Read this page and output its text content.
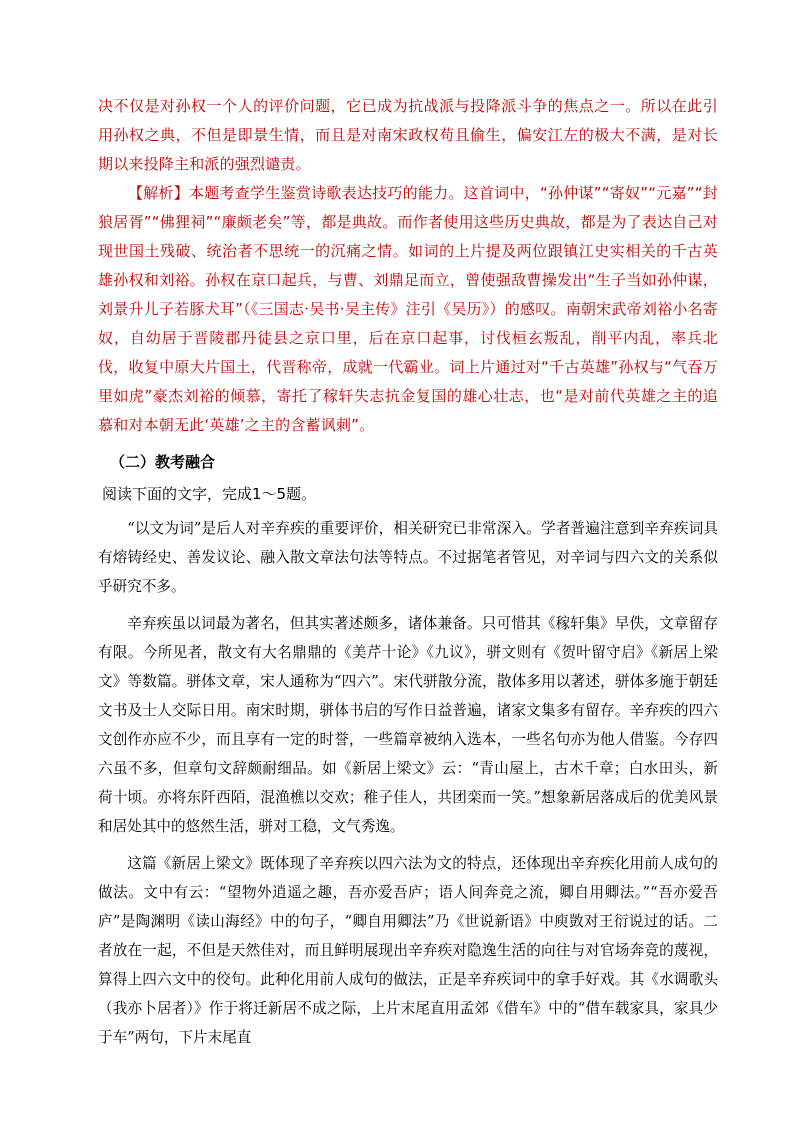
决不仅是对孙权一个人的评价问题，它已成为抗战派与投降派斗争的焦点之一。所以在此引用孙权之典，不但是即景生情，而且是对南宋政权苟且偷生，偏安江左的极大不满，是对长期以来投降主和派的强烈谴责。

【解析】本题考查学生鉴赏诗歌表达技巧的能力。这首词中，“孙仲谋”“寄奴”“元嘉”“封狼居胥”“佛狸祠”“廉颇老矣”等，都是典故。而作者使用这些历史典故，都是为了表达自己对现世国土残破、统治者不思统一的沉痛之情。如词的上片提及两位跟镇江史实相关的千古英雄孙权和刘裕。孙权在京口起兵，与曹、刘鼎足而立，曾使强敌曹操发出“生子当如孙仲谋，刘景升儿子若豚犬耳”（《三国志·吴书·吴主传》注引《吴历》）的感叹。南朝宋武帝刘裕小名寄奴，自幼居于晋陵郡丹徒县之京口里，后在京口起事，讨伐桓玄叛乱，削平内乱，率兵北伐，收复中原大片国土，代晋称帝，成就一代霸业。词上片通过对“千古英雄”孙权与“气吞万里如虎”豪杰刘裕的倾慕，寄托了稼轩失志抗金复国的雄心壮志，也“是对前代英雄之主的追慕和对本朝无此‘英雄’之主的含蓄讽刺”。

（二）教考融合
阅读下面的文字，完成1～5题。

“以文为词”是后人对辛弃疾的重要评价，相关研究已非常深入。学者普遍注意到辛弃疾词具有熔铸经史、善发议论、融入散文章法句法等特点。不过据笔者管见，对辛词与四六文的关系似乎研究不多。

辛弃疾虽以词最为著名，但其实著述颇多，诸体兼备。只可惜其《稼轩集》早佚，文章留存有限。今所见者，散文有大名鼎鼎的《美芹十论》《九议》，骈文则有《贺叶留守启》《新居上梁文》等数篇。骈体文章，宋人通称为“四六”。宋代骈散分流，散体多用以著述，骈体多施于朝廷文书及士人交际日用。南宋时期，骈体书启的写作日益普遍，诸家文集多有留存。辛弃疾的四六文创作亦应不少，而且享有一定的时誉，一些篇章被纳入选本，一些名句亦为他人借鉴。今存四六虽不多，但章句文辞颇耐细品。如《新居上梁文》云：“青山屋上，古木千章；白水田头，新荷十顷。亦将东阡西陌，混渔樵以交欢；稚子佳人，共团栾而一笑。”想象新居落成后的优美风景和居处其中的悠然生活，骈对工稳，文气秀逸。

这篇《新居上梁文》既体现了辛弃疾以四六法为文的特点，还体现出辛弃疾化用前人成句的做法。文中有云：“望物外逍遥之趣，吾亦爱吾庐；语人间奔竞之流，卿自用卿法。”“吾亦爱吾庐”是陶渊明《读山海经》中的句子，“卿自用卿法”乃《世说新语》中庾敳对王衍说过的话。二者放在一起，不但是天然佳对，而且鲜明展现出辛弃疾对隐逸生活的向往与对官场奔竞的蔑视，算得上四六文中的佼句。此种化用前人成句的做法，正是辛弃疾词中的拿手好戏。其《水调歌头（我亦卜居者）》作于将迁新居不成之际，上片末尾直用孟郊《借车》中的“借车载家具，家具少于车”两句，下片末尾直
